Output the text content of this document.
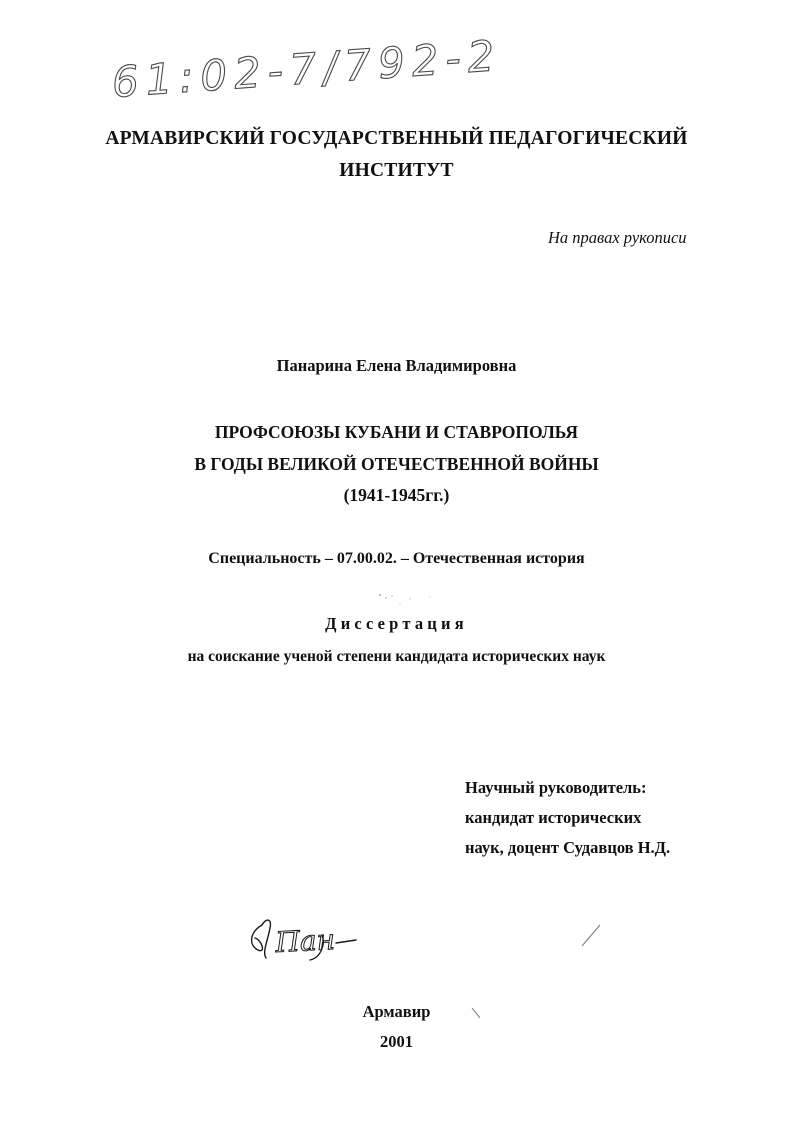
61:02-7/792-2
АРМАВИРСКИЙ ГОСУДАРСТВЕННЫЙ ПЕДАГОГИЧЕСКИЙ
ИНСТИТУТ
На правах рукописи
Панарина Елена Владимировна
ПРОФСОЮЗЫ КУБАНИ И СТАВРОПОЛЬЯ
В ГОДЫ ВЕЛИКОЙ ОТЕЧЕСТВЕННОЙ ВОЙНЫ
(1941-1945гг.)
Специальность – 07.00.02. – Отечественная история
Диссертация
на соискание ученой степени кандидата исторических наук
Научный руководитель:
кандидат исторических
наук, доцент Судавцов Н.Д.
Пан
Армавир
2001
